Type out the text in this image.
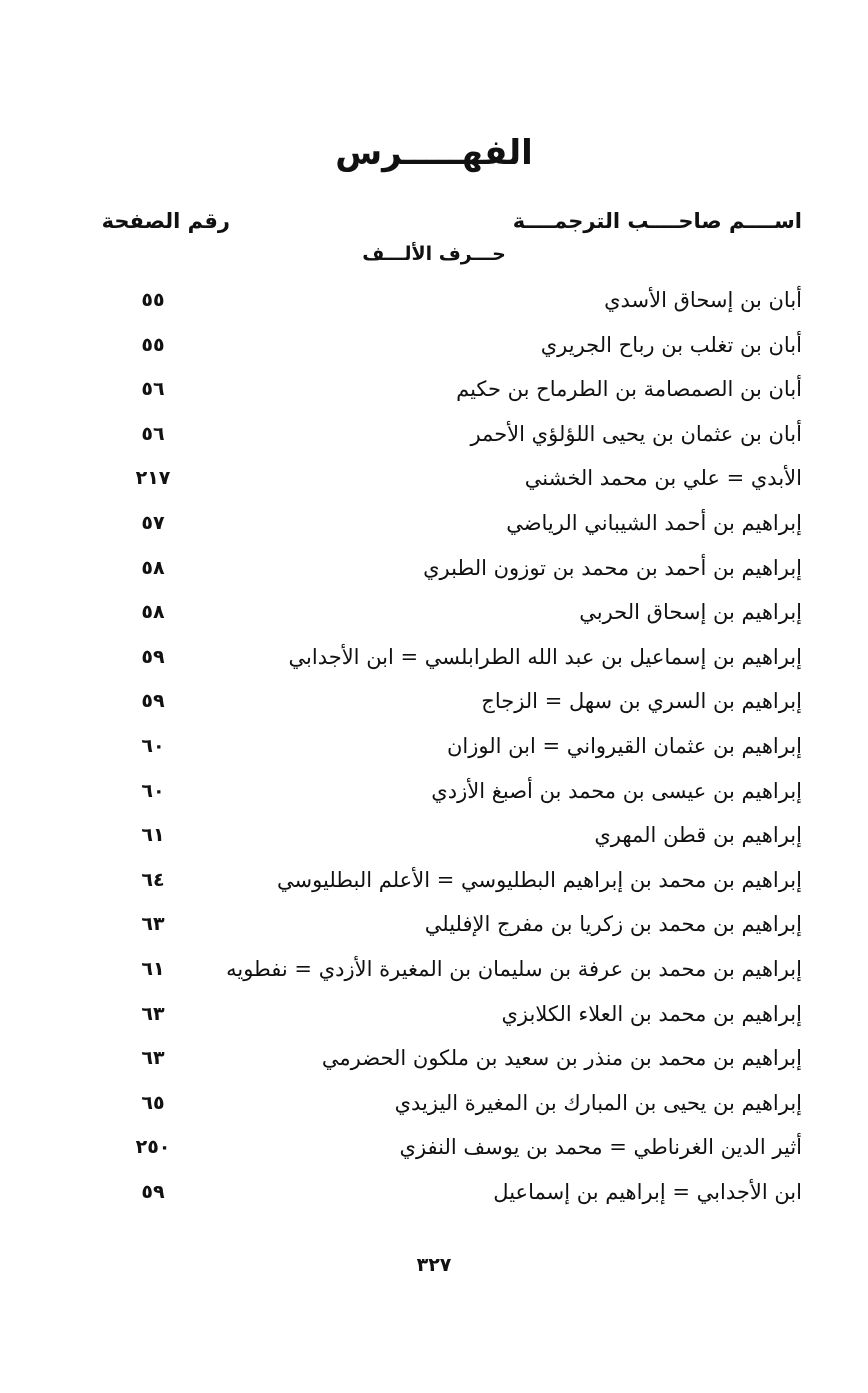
الفهـــــرس
اســــم صاحــــب الترجمــــة
رقم الصفحة
حـــرف الألـــف
أبان بن إسحاق الأسدي
٥٥
أبان بن تغلب بن رباح الجريري
٥٥
أبان بن الصمصامة بن الطرماح بن حكيم
٥٦
أبان بن عثمان بن يحيى اللؤلؤي الأحمر
٥٦
الأبدي = علي بن محمد الخشني
٢١٧
إبراهيم بن أحمد الشيباني الرياضي
٥٧
إبراهيم بن أحمد بن محمد بن توزون الطبري
٥٨
إبراهيم بن إسحاق الحربي
٥٨
إبراهيم بن إسماعيل بن عبد الله الطرابلسي = ابن الأجدابي
٥٩
إبراهيم بن السري بن سهل = الزجاج
٥٩
إبراهيم بن عثمان القيرواني = ابن الوزان
٦٠
إبراهيم بن عيسى بن محمد بن أصبغ الأزدي
٦٠
إبراهيم بن قطن المهري
٦١
إبراهيم بن محمد بن إبراهيم البطليوسي = الأعلم البطليوسي
٦٤
إبراهيم بن محمد بن زكريا بن مفرج الإفليلي
٦٣
إبراهيم بن محمد بن عرفة بن سليمان بن المغيرة الأزدي = نفطويه
٦١
إبراهيم بن محمد بن العلاء الكلابزي
٦٣
إبراهيم بن محمد بن منذر بن سعيد بن ملكون الحضرمي
٦٣
إبراهيم بن يحيى بن المبارك بن المغيرة اليزيدي
٦٥
أثير الدين الغرناطي = محمد بن يوسف النفزي
٢٥٠
ابن الأجدابي = إبراهيم بن إسماعيل
٥٩
٣٢٧
